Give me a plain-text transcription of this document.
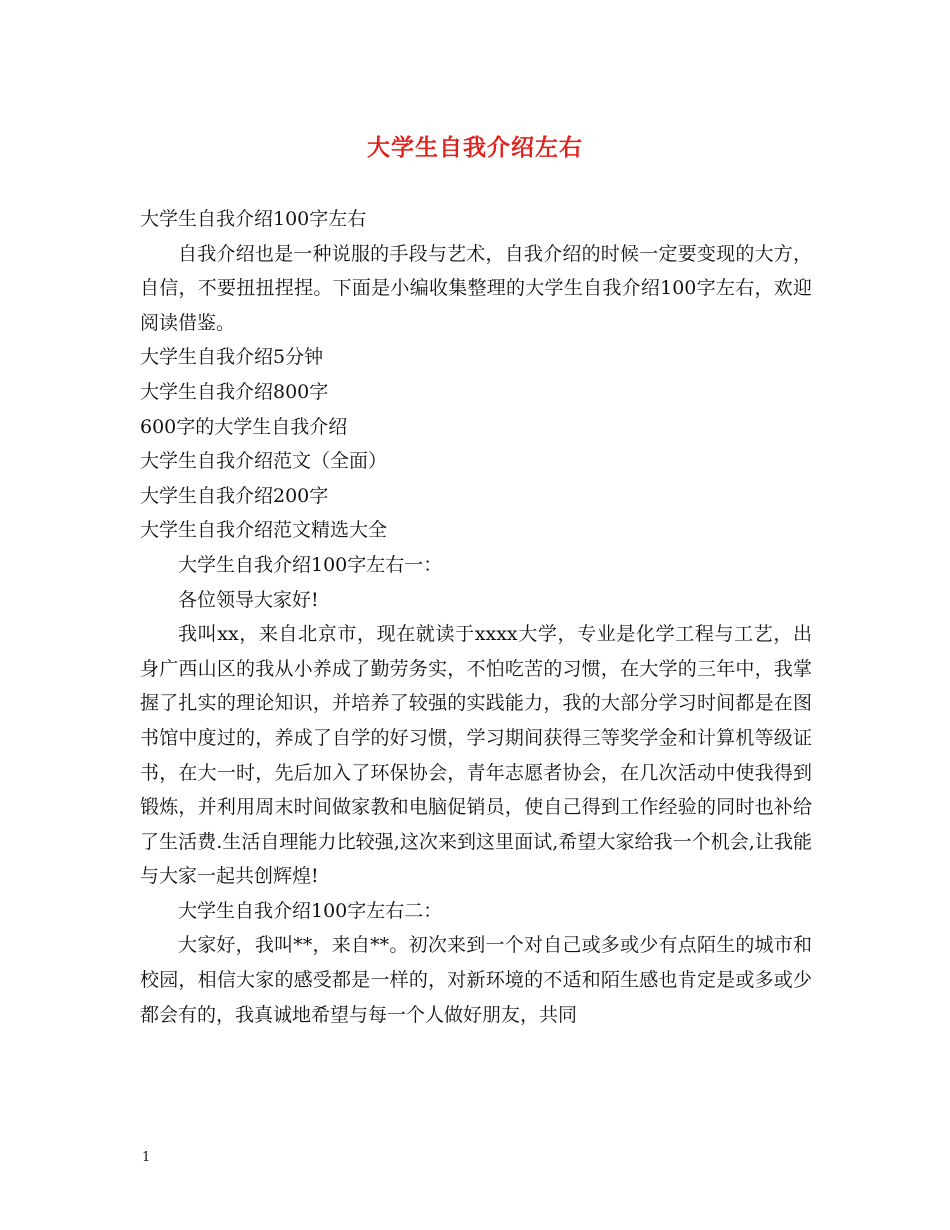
大学生自我介绍左右

大学生自我介绍100字左右

自我介绍也是一种说服的手段与艺术，自我介绍的时候一定要变现的大方，自信，不要扭扭捏捏。下面是小编收集整理的大学生自我介绍100字左右，欢迎阅读借鉴。

大学生自我介绍5分钟

大学生自我介绍800字

600字的大学生自我介绍

大学生自我介绍范文（全面）

大学生自我介绍200字

大学生自我介绍范文精选大全

大学生自我介绍100字左右一：

各位领导大家好!

我叫xx，来自北京市，现在就读于xxxx大学，专业是化学工程与工艺，出身广西山区的我从小养成了勤劳务实，不怕吃苦的习惯，在大学的三年中，我掌握了扎实的理论知识，并培养了较强的实践能力，我的大部分学习时间都是在图书馆中度过的，养成了自学的好习惯，学习期间获得三等奖学金和计算机等级证书，在大一时，先后加入了环保协会，青年志愿者协会，在几次活动中使我得到锻炼，并利用周末时间做家教和电脑促销员，使自己得到工作经验的同时也补给了生活费.生活自理能力比较强,这次来到这里面试,希望大家给我一个机会,让我能与大家一起共创辉煌!

大学生自我介绍100字左右二：

大家好，我叫**，来自**。初次来到一个对自己或多或少有点陌生的城市和校园，相信大家的感受都是一样的，对新环境的不适和陌生感也肯定是或多或少都会有的，我真诚地希望与每一个人做好朋友，共同

1
